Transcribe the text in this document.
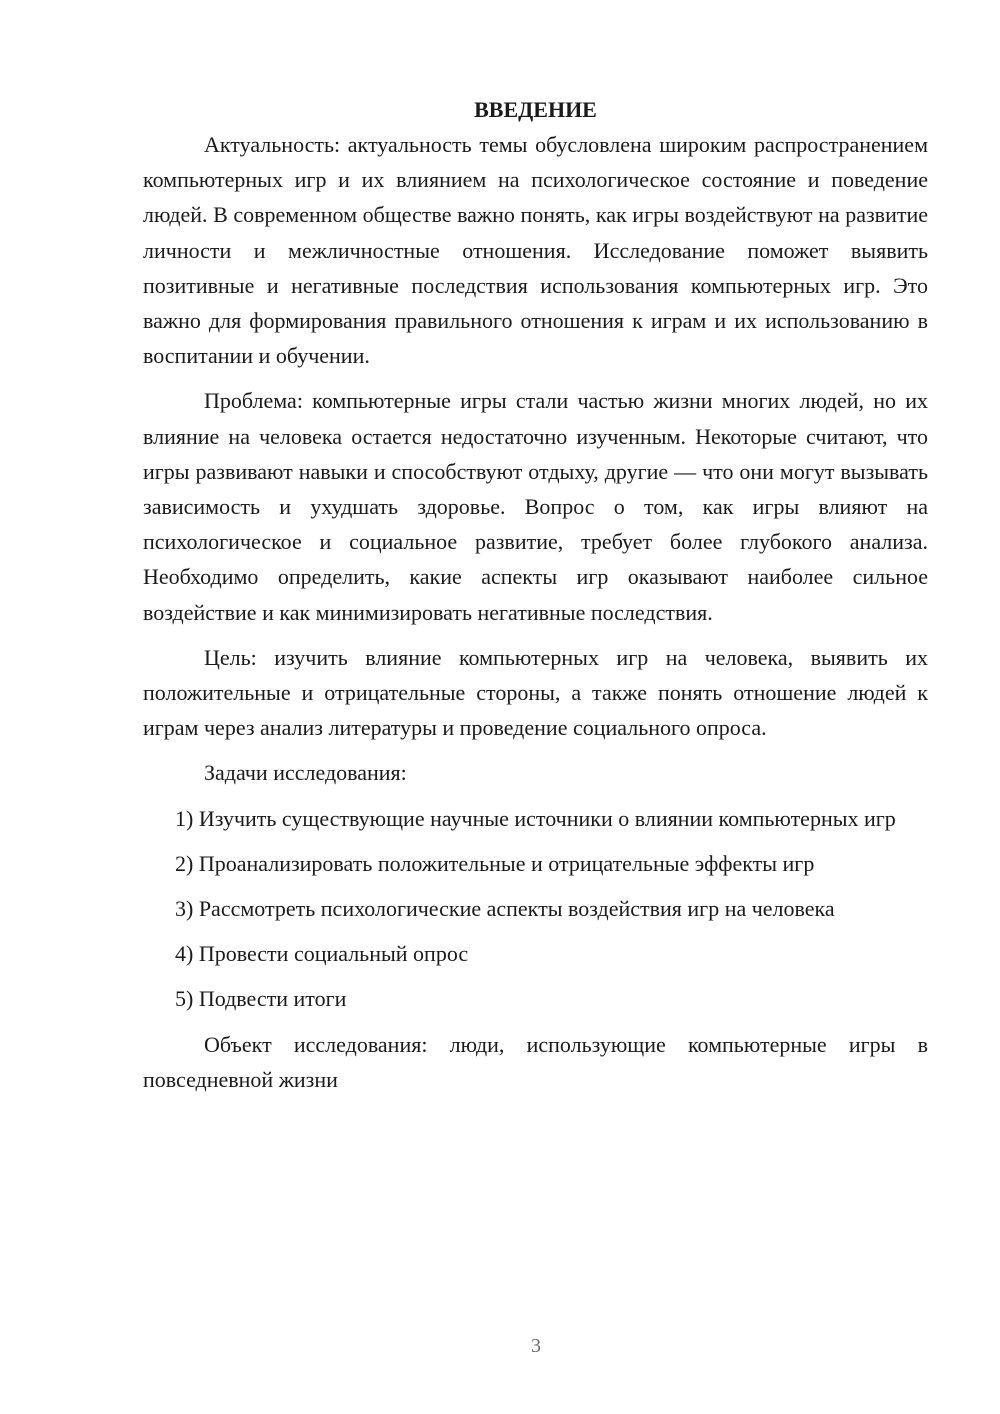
ВВЕДЕНИЕ

Актуальность: актуальность темы обусловлена широким распространением компьютерных игр и их влиянием на психологическое состояние и поведение людей. В современном обществе важно понять, как игры воздействуют на развитие личности и межличностные отношения. Исследование поможет выявить позитивные и негативные последствия использования компьютерных игр. Это важно для формирования правильного отношения к играм и их использованию в воспитании и обучении.

Проблема: компьютерные игры стали частью жизни многих людей, но их влияние на человека остается недостаточно изученным. Некоторые считают, что игры развивают навыки и способствуют отдыху, другие — что они могут вызывать зависимость и ухудшать здоровье. Вопрос о том, как игры влияют на психологическое и социальное развитие, требует более глубокого анализа. Необходимо определить, какие аспекты игр оказывают наиболее сильное воздействие и как минимизировать негативные последствия.

Цель: изучить влияние компьютерных игр на человека, выявить их положительные и отрицательные стороны, а также понять отношение людей к играм через анализ литературы и проведение социального опроса.

Задачи исследования:

1) Изучить существующие научные источники о влиянии компьютерных игр

2) Проанализировать положительные и отрицательные эффекты игр

3) Рассмотреть психологические аспекты воздействия игр на человека

4) Провести социальный опрос

5) Подвести итоги

Объект исследования: люди, использующие компьютерные игры в повседневной жизни

3
